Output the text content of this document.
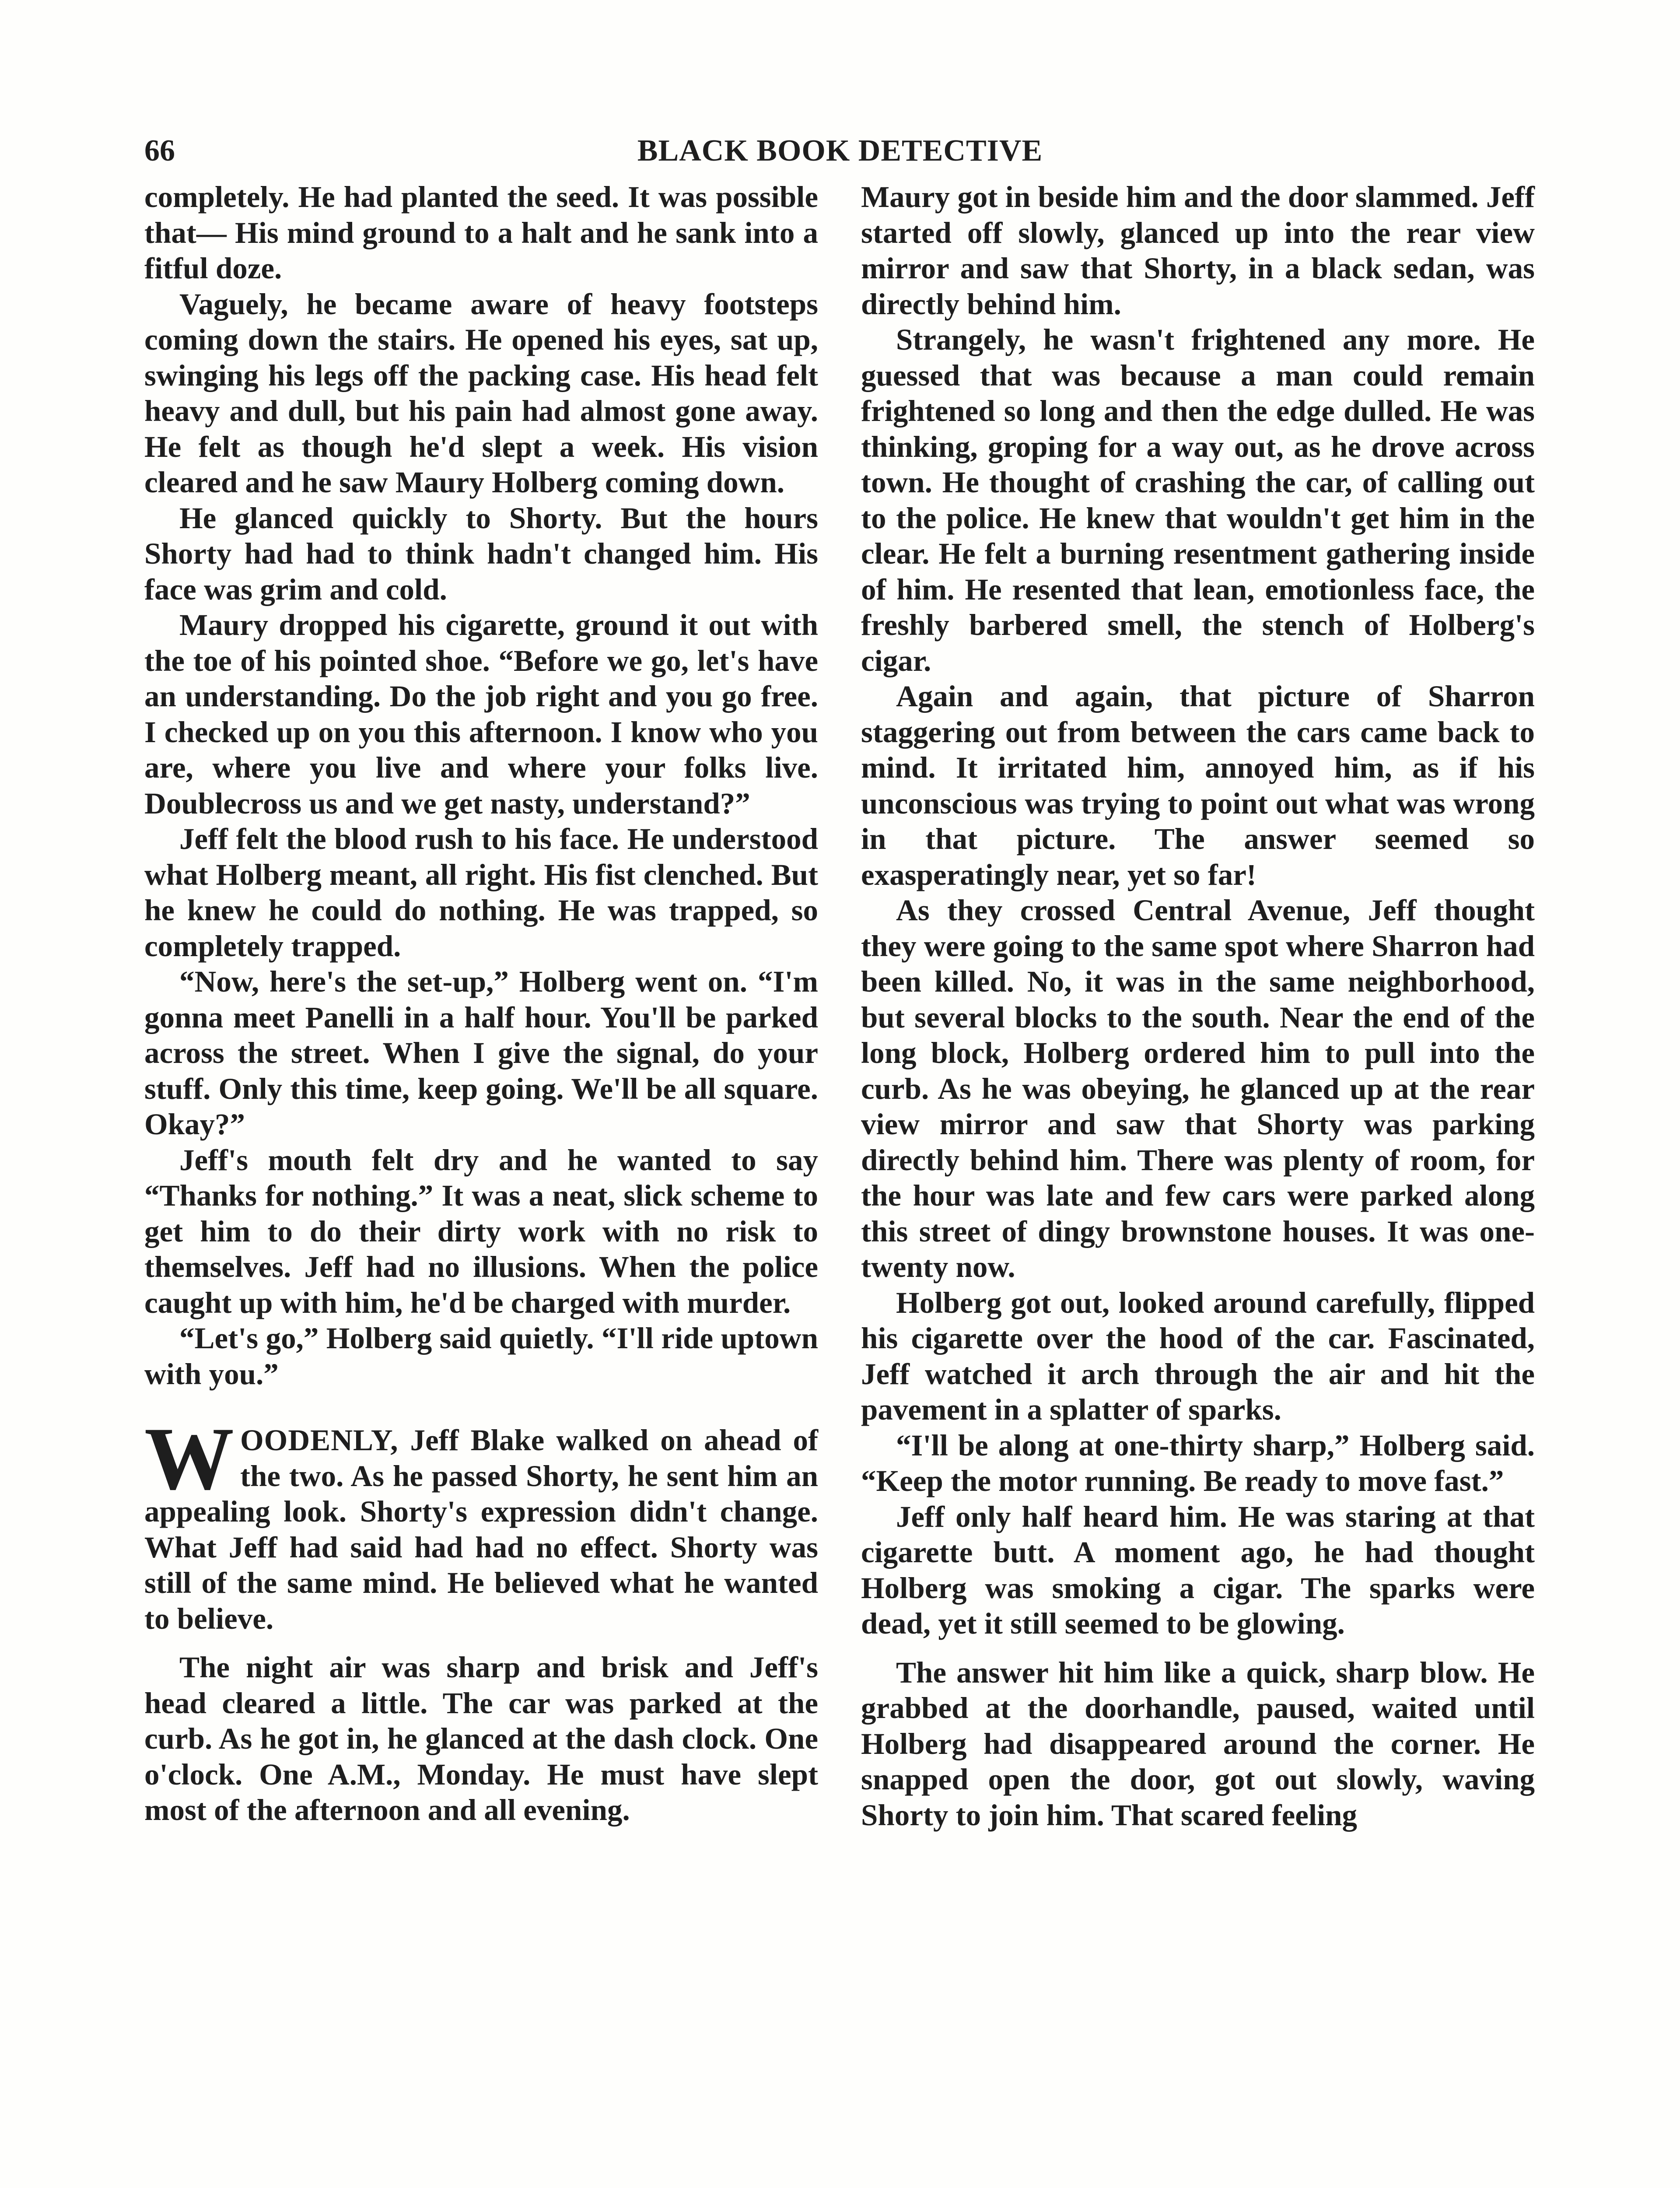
66	BLACK BOOK DETECTIVE

completely. He had planted the seed. It was possible that— His mind ground to a halt and he sank into a fitful doze.

Vaguely, he became aware of heavy footsteps coming down the stairs. He opened his eyes, sat up, swinging his legs off the packing case. His head felt heavy and dull, but his pain had almost gone away. He felt as though he'd slept a week. His vision cleared and he saw Maury Holberg coming down.

He glanced quickly to Shorty. But the hours Shorty had had to think hadn't changed him. His face was grim and cold.

Maury dropped his cigarette, ground it out with the toe of his pointed shoe. “Before we go, let's have an understanding. Do the job right and you go free. I checked up on you this afternoon. I know who you are, where you live and where your folks live. Doublecross us and we get nasty, understand?”

Jeff felt the blood rush to his face. He understood what Holberg meant, all right. His fist clenched. But he knew he could do nothing. He was trapped, so completely trapped.

“Now, here's the set-up,” Holberg went on. “I'm gonna meet Panelli in a half hour. You'll be parked across the street. When I give the signal, do your stuff. Only this time, keep going. We'll be all square. Okay?”

Jeff's mouth felt dry and he wanted to say “Thanks for nothing.” It was a neat, slick scheme to get him to do their dirty work with no risk to themselves. Jeff had no illusions. When the police caught up with him, he'd be charged with murder.

“Let's go,” Holberg said quietly. “I'll ride uptown with you.”

WOODENLY, Jeff Blake walked on ahead of the two. As he passed Shorty, he sent him an appealing look. Shorty's expression didn't change. What Jeff had said had had no effect. Shorty was still of the same mind. He believed what he wanted to believe.

The night air was sharp and brisk and Jeff's head cleared a little. The car was parked at the curb. As he got in, he glanced at the dash clock. One o'clock. One A.M., Monday. He must have slept most of the afternoon and all evening.

Maury got in beside him and the door slammed. Jeff started off slowly, glanced up into the rear view mirror and saw that Shorty, in a black sedan, was directly behind him.

Strangely, he wasn't frightened any more. He guessed that was because a man could remain frightened so long and then the edge dulled. He was thinking, groping for a way out, as he drove across town. He thought of crashing the car, of calling out to the police. He knew that wouldn't get him in the clear. He felt a burning resentment gathering inside of him. He resented that lean, emotionless face, the freshly barbered smell, the stench of Holberg's cigar.

Again and again, that picture of Sharron staggering out from between the cars came back to mind. It irritated him, annoyed him, as if his unconscious was trying to point out what was wrong in that picture. The answer seemed so exasperatingly near, yet so far!

As they crossed Central Avenue, Jeff thought they were going to the same spot where Sharron had been killed. No, it was in the same neighborhood, but several blocks to the south. Near the end of the long block, Holberg ordered him to pull into the curb. As he was obeying, he glanced up at the rear view mirror and saw that Shorty was parking directly behind him. There was plenty of room, for the hour was late and few cars were parked along this street of dingy brownstone houses. It was one-twenty now.

Holberg got out, looked around carefully, flipped his cigarette over the hood of the car. Fascinated, Jeff watched it arch through the air and hit the pavement in a splatter of sparks.

“I'll be along at one-thirty sharp,” Holberg said. “Keep the motor running. Be ready to move fast.”

Jeff only half heard him. He was staring at that cigarette butt. A moment ago, he had thought Holberg was smoking a cigar. The sparks were dead, yet it still seemed to be glowing.

The answer hit him like a quick, sharp blow. He grabbed at the doorhandle, paused, waited until Holberg had disappeared around the corner. He snapped open the door, got out slowly, waving Shorty to join him. That scared feeling
